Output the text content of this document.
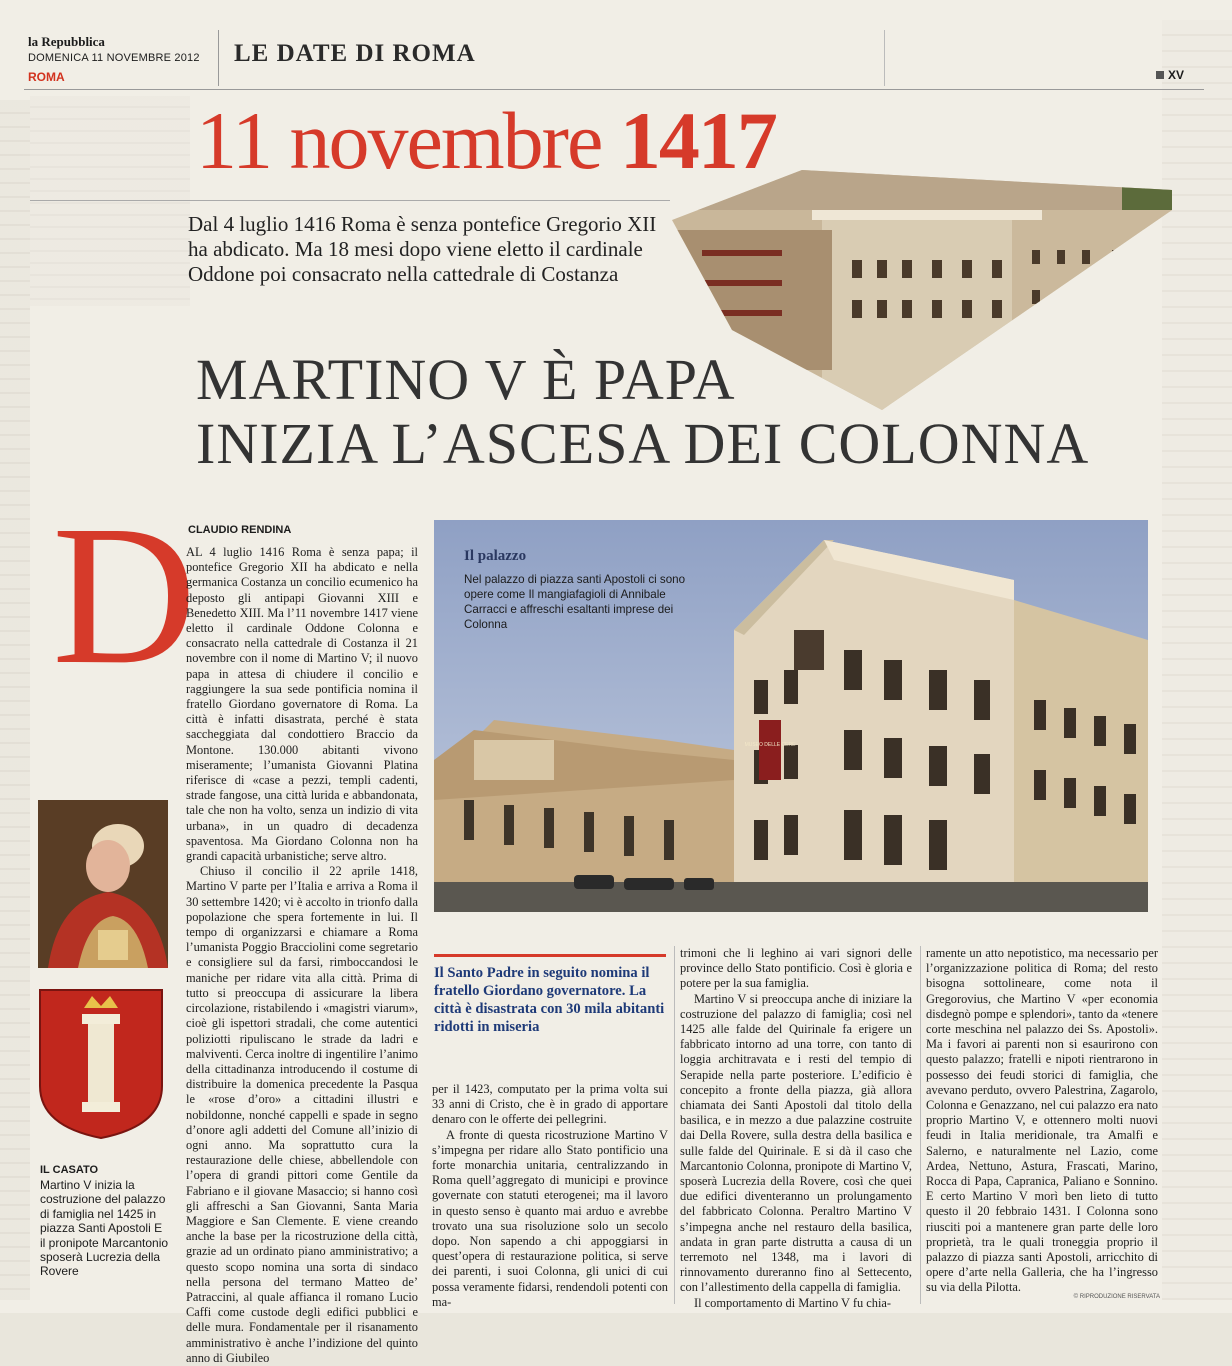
la Repubblica
DOMENICA 11 NOVEMBRE 2012
ROMA
LE DATE DI ROMA
XV
11 novembre 1417
Dal 4 luglio 1416 Roma è senza pontefice Gregorio XII ha abdicato. Ma 18 mesi dopo viene eletto il cardinale Oddone poi consacrato nella cattedrale di Costanza
MARTINO V È PAPA
INIZIA L’ASCESA DEI COLONNA
D
CLAUDIO RENDINA

AL 4 luglio 1416 Roma è senza papa; il pontefice Gregorio XII ha abdicato e nella germanica Costanza un concilio ecumenico ha deposto gli antipapi Giovanni XIII e Benedetto XIII. Ma l’11 novembre 1417 viene eletto il cardinale Oddone Colonna e consacrato nella cattedrale di Costanza il 21 novembre con il nome di Martino V; il nuovo papa in attesa di chiudere il concilio e raggiungere la sua sede pontificia nomina il fratello Giordano governatore di Roma. La città è infatti disastrata, perché è stata saccheggiata dal condottiero Braccio da Montone. 130.000 abitanti vivono miseramente; l’umanista Giovanni Platina riferisce di «case a pezzi, templi cadenti, strade fangose, una città lurida e abbandonata, tale che non ha volto, senza un indizio di vita urbana», in un quadro di decadenza spaventosa. Ma Giordano Colonna non ha grandi capacità urbanistiche; serve altro.

Chiuso il concilio il 22 aprile 1418, Martino V parte per l’Italia e arriva a Roma il 30 settembre 1420; vi è accolto in trionfo dalla popolazione che spera fortemente in lui. Il tempo di organizzarsi e chiamare a Roma l’umanista Poggio Bracciolini come segretario e consigliere sul da farsi, rimboccandosi le maniche per ridare vita alla città. Prima di tutto si preoccupa di assicurare la libera circolazione, ristabilendo i «magistri viarum», cioè gli ispettori stradali, che come autentici poliziotti ripuliscano le strade da ladri e malviventi. Cerca inoltre di ingentilire l’animo della cittadinanza introducendo il costume di distribuire la domenica precedente la Pasqua le «rose d’oro» a cittadini illustri e nobildonne, nonché cappelli e spade in segno d’onore agli addetti del Comune all’inizio di ogni anno. Ma soprattutto cura la restaurazione delle chiese, abbellendole con l’opera di grandi pittori come Gentile da Fabriano e il giovane Masaccio; si hanno così gli affreschi a San Giovanni, Santa Maria Maggiore e San Clemente. E viene creando anche la base per la ricostruzione della città, grazie ad un ordinato piano amministrativo; a questo scopo nomina una sorta di sindaco nella persona del termano Matteo de’ Patraccini, al quale affianca il romano Lucio Caffi come custode degli edifici pubblici e delle mura. Fondamentale per il risanamento amministrativo è anche l’indizione del quinto anno di Giubileo

MUSEO DELLE CERE
Il palazzo
Nel palazzo di piazza santi Apostoli ci sono opere come Il mangiafagioli di Annibale Carracci e affreschi esaltanti imprese dei Colonna
Il Santo Padre in seguito nomina il fratello Giordano governatore. La città è disastrata con 30 mila abitanti ridotti in miseria

per il 1423, computato per la prima volta sui 33 anni di Cristo, che è in grado di apportare denaro con le offerte dei pellegrini.

A fronte di questa ricostruzione Martino V s’impegna per ridare allo Stato pontificio una forte monarchia unitaria, centralizzando in Roma quell’aggregato di municipi e province governate con statuti eterogenei; ma il lavoro in questo senso è quanto mai arduo e avrebbe trovato una sua risoluzione solo un secolo dopo. Non sapendo a chi appoggiarsi in quest’opera di restaurazione politica, si serve dei parenti, i suoi Colonna, gli unici di cui possa veramente fidarsi, rendendoli potenti con ma-

trimoni che li leghino ai vari signori delle province dello Stato pontificio. Così è gloria e potere per la sua famiglia.

Martino V si preoccupa anche di iniziare la costruzione del palazzo di famiglia; così nel 1425 alle falde del Quirinale fa erigere un fabbricato intorno ad una torre, con tanto di loggia architravata e i resti del tempio di Serapide nella parte posteriore. L’edificio è concepito a fronte della piazza, già allora chiamata dei Santi Apostoli dal titolo della basilica, e in mezzo a due palazzine costruite dai Della Rovere, sulla destra della basilica e sulle falde del Quirinale. E si dà il caso che Marcantonio Colonna, pronipote di Martino V, sposerà Lucrezia della Rovere, così che quei due edifici diventeranno un prolungamento del fabbricato Colonna. Peraltro Martino V s’impegna anche nel restauro della basilica, andata in gran parte distrutta a causa di un terremoto nel 1348, ma i lavori di rinnovamento dureranno fino al Settecento, con l’allestimento della cappella di famiglia.

Il comportamento di Martino V fu chia-

ramente un atto nepotistico, ma necessario per l’organizzazione politica di Roma; del resto bisogna sottolineare, come nota il Gregorovius, che Martino V «per economia disdegnò pompe e splendori», tanto da «tenere corte meschina nel palazzo dei Ss. Apostoli». Ma i favori ai parenti non si esaurirono con questo palazzo; fratelli e nipoti rientrarono in possesso dei feudi storici di famiglia, che avevano perduto, ovvero Palestrina, Zagarolo, Colonna e Genazzano, nel cui palazzo era nato proprio Martino V, e ottennero molti nuovi feudi in Italia meridionale, tra Amalfi e Salerno, e naturalmente nel Lazio, come Ardea, Nettuno, Astura, Frascati, Marino, Rocca di Papa, Capranica, Paliano e Sonnino. E certo Martino V morì ben lieto di tutto questo il 20 febbraio 1431. I Colonna sono riusciti poi a mantenere gran parte delle loro proprietà, tra le quali troneggia proprio il palazzo di piazza santi Apostoli, arricchito di opere d’arte nella Galleria, che ha l’ingresso su via della Pilotta.

IL CASATO
Martino V inizia la costruzione del palazzo di famiglia nel 1425 in piazza Santi Apostoli E il pronipote Marcantonio sposerà Lucrezia della Rovere
© RIPRODUZIONE RISERVATA
